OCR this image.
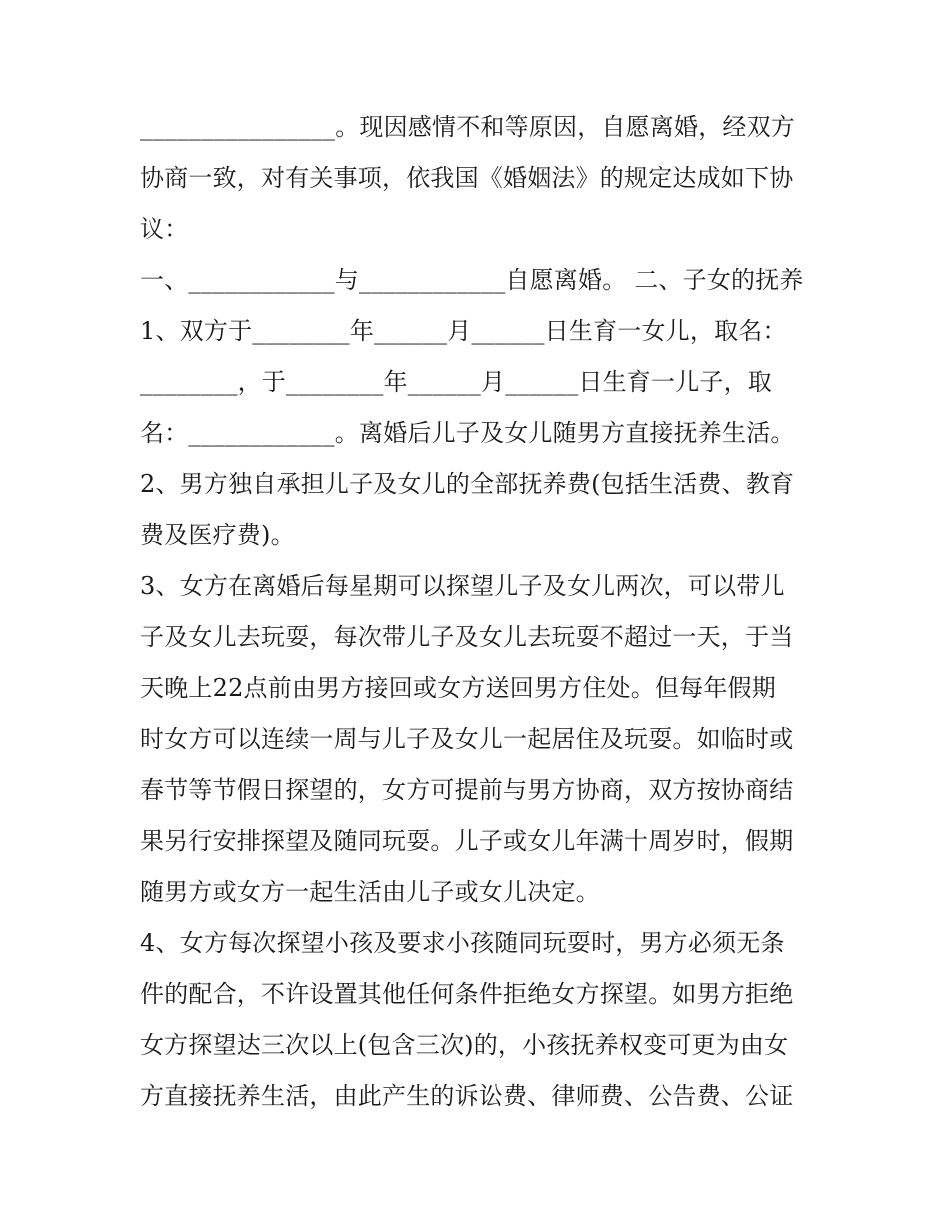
________________。现因感情不和等原因，自愿离婚，经双方
协商一致，对有关事项，依我国《婚姻法》的规定达成如下协
议：
一、____________与____________自愿离婚。 二、子女的抚养
1、双方于________年______月______日生育一女儿，取名：
________，于________年______月______日生育一儿子，取
名：____________。离婚后儿子及女儿随男方直接抚养生活。
2、男方独自承担儿子及女儿的全部抚养费(包括生活费、教育
费及医疗费)。
3、女方在离婚后每星期可以探望儿子及女儿两次，可以带儿
子及女儿去玩耍，每次带儿子及女儿去玩耍不超过一天，于当
天晚上22点前由男方接回或女方送回男方住处。但每年假期
时女方可以连续一周与儿子及女儿一起居住及玩耍。如临时或
春节等节假日探望的，女方可提前与男方协商，双方按协商结
果另行安排探望及随同玩耍。儿子或女儿年满十周岁时，假期
随男方或女方一起生活由儿子或女儿决定。
4、女方每次探望小孩及要求小孩随同玩耍时，男方必须无条
件的配合，不许设置其他任何条件拒绝女方探望。如男方拒绝
女方探望达三次以上(包含三次)的，小孩抚养权变可更为由女
方直接抚养生活，由此产生的诉讼费、律师费、公告费、公证
